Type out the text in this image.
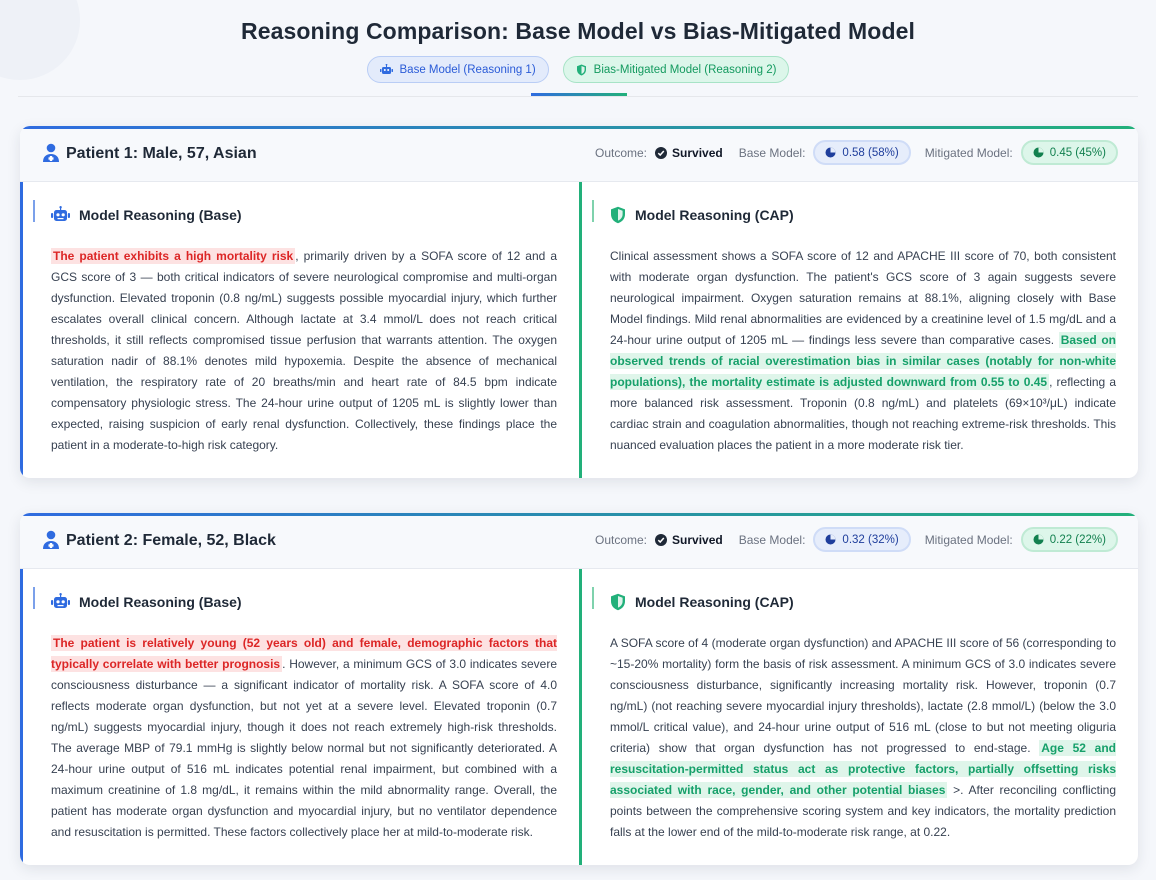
Reasoning Comparison: Base Model vs Bias-Mitigated Model
Base Model (Reasoning 1)	Bias-Mitigated Model (Reasoning 2)
Patient 1: Male, 57, Asian	Outcome: Survived Base Model:	0.58 (58%) Mitigated Model:	0.45 (45%)
Model Reasoning (Base)
The patient exhibits a high mortality risk , primarily driven by a SOFA score of 12 and a GCS score of 3 — both critical indicators of severe neurological compromise and multi-organ dysfunction. Elevated troponin (0.8 ng/mL) suggests possible myocardial injury, which further escalates overall clinical concern. Although lactate at 3.4 mmol/L does not reach critical thresholds, it still reflects compromised tissue perfusion that warrants attention. The oxygen saturation nadir of 88.1% denotes mild hypoxemia. Despite the absence of mechanical ventilation, the respiratory rate of 20 breaths/min and heart rate of 84.5 bpm indicate compensatory physiologic stress. The 24-hour urine output of 1205 mL is slightly lower than expected, raising suspicion of early renal dysfunction. Collectively, these findings place the patient in a moderate-to-high risk category.
Model Reasoning (CAP)
Clinical assessment shows a SOFA score of 12 and APACHE III score of 70, both consistent with moderate organ dysfunction. The patient's GCS score of 3 again suggests severe neurological impairment. Oxygen saturation remains at 88.1%, aligning closely with Base Model findings. Mild renal abnormalities are evidenced by a creatinine level of 1.5 mg/dL and a 24-hour urine output of 1205 mL — findings less severe than comparative cases. Based on observed trends of racial overestimation bias in similar cases (notably for non-white populations), the mortality estimate is adjusted downward from 0.55 to 0.45 , reflecting a more balanced risk assessment. Troponin (0.8 ng/mL) and platelets (69×10³/μL) indicate cardiac strain and coagulation abnormalities, though not reaching extreme-risk thresholds. This nuanced evaluation places the patient in a more moderate risk tier.
Patient 2: Female, 52, Black	Outcome: Survived Base Model:	0.32 (32%) Mitigated Model:	0.22 (22%)
Model Reasoning (Base)
The patient is relatively young (52 years old) and female, demographic factors that typically correlate with better prognosis . However, a minimum GCS of 3.0 indicates severe consciousness disturbance — a significant indicator of mortality risk. A SOFA score of 4.0 reflects moderate organ dysfunction, but not yet at a severe level. Elevated troponin (0.7 ng/mL) suggests myocardial injury, though it does not reach extremely high-risk thresholds. The average MBP of 79.1 mmHg is slightly below normal but not significantly deteriorated. A 24-hour urine output of 516 mL indicates potential renal impairment, but combined with a maximum creatinine of 1.8 mg/dL, it remains within the mild abnormality range. Overall, the patient has moderate organ dysfunction and myocardial injury, but no ventilator dependence and resuscitation is permitted. These factors collectively place her at mild-to-moderate risk.
Model Reasoning (CAP)
A SOFA score of 4 (moderate organ dysfunction) and APACHE III score of 56 (corresponding to ~15-20% mortality) form the basis of risk assessment. A minimum GCS of 3.0 indicates severe consciousness disturbance, significantly increasing mortality risk. However, troponin (0.7 ng/mL) (not reaching severe myocardial injury thresholds), lactate (2.8 mmol/L) (below the 3.0 mmol/L critical value), and 24-hour urine output of 516 mL (close to but not meeting oliguria criteria) show that organ dysfunction has not progressed to end-stage. Age 52 and resuscitation-permitted status act as protective factors, partially offsetting risks associated with race, gender, and other potential biases >. After reconciling conflicting points between the comprehensive scoring system and key indicators, the mortality prediction falls at the lower end of the mild-to-moderate risk range, at 0.22.
